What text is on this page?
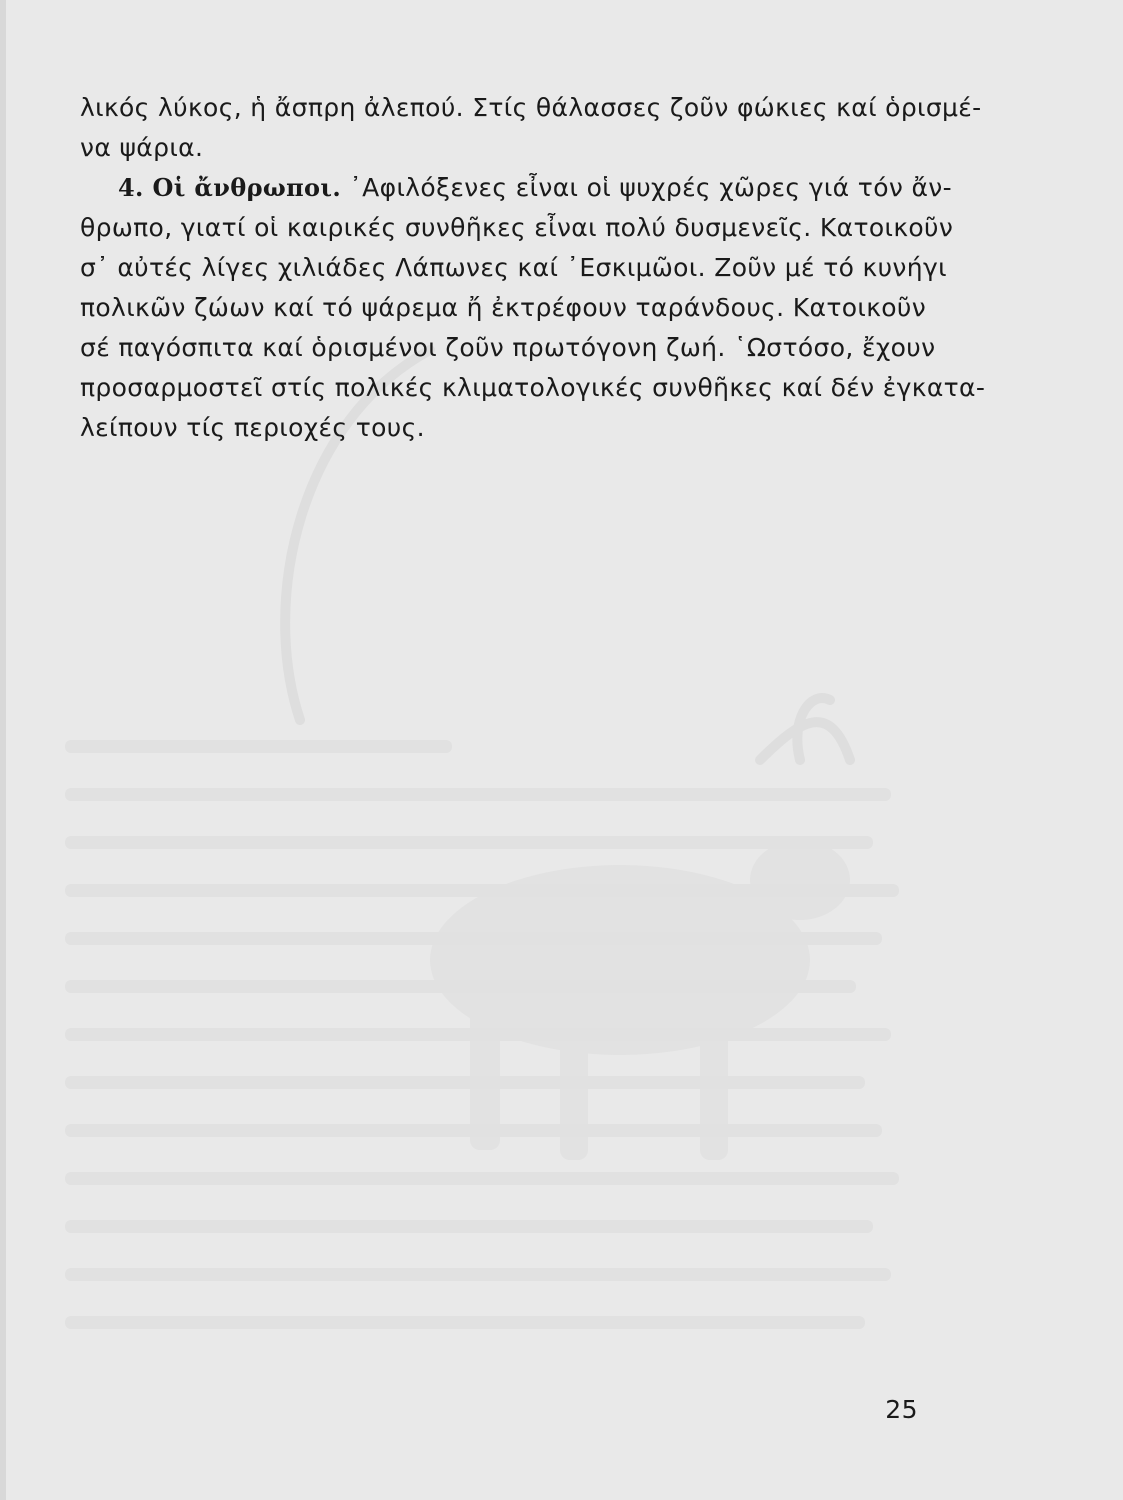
λικός λύκος, ἡ ἄσπρη ἀλεπού. Στίς θάλασσες ζοῦν φώκιες καί ὁρισμέ-
να ψάρια.
4. Οἱ ἄνθρωποι. ᾿Αφιλόξενες εἶναι οἱ ψυχρές χῶρες γιά τόν ἄν-
θρωπο, γιατί οἱ καιρικές συνθῆκες εἶναι πολύ δυσμενεῖς. Κατοικοῦν
σ᾿ αὐτές λίγες χιλιάδες Λάπωνες καί ᾿Εσκιμῶοι. Ζοῦν μέ τό κυνήγι
πολικῶν ζώων καί τό ψάρεμα ἤ ἐκτρέφουν ταράνδους. Κατοικοῦν
σέ παγόσπιτα καί ὁρισμένοι ζοῦν πρωτόγονη ζωή. ῾Ωστόσο, ἔχουν
προσαρμοστεῖ στίς πολικές κλιματολογικές συνθῆκες καί δέν ἐγκατα-
λείπουν τίς περιοχές τους.
25
